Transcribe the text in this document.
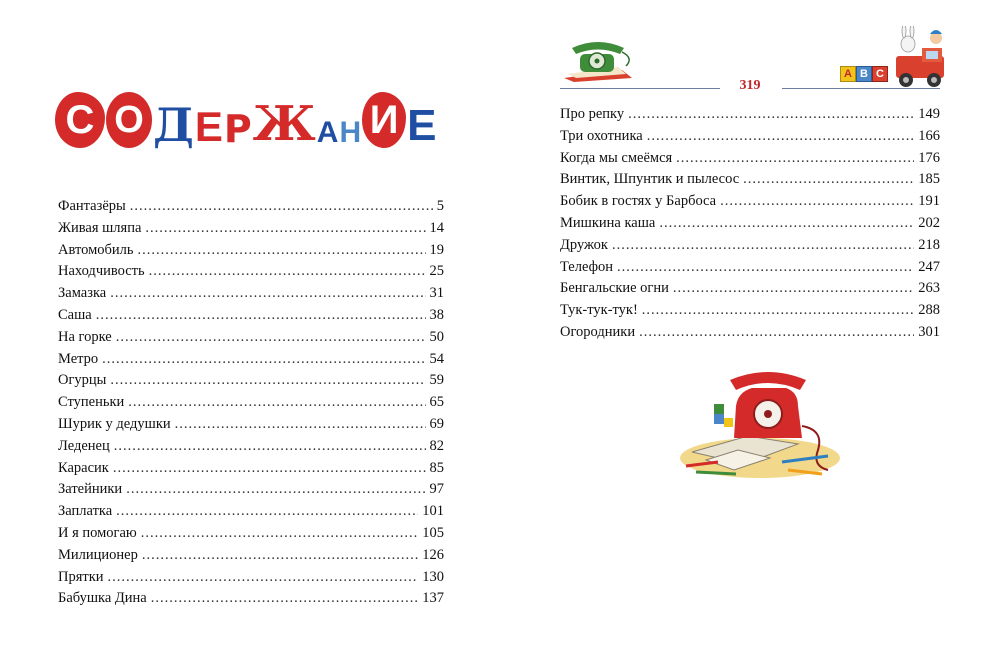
С О Д Е Р Ж А Н И Е
Фантазёры .....	5
Живая шляпа .....	14
Автомобиль .....	19
Находчивость .....	25
Замазка .....	31
Саша .....	38
На горке .....	50
Метро .....	54
Огурцы .....	59
Ступеньки .....	65
Шурик у дедушки .....	69
Леденец .....	82
Карасик .....	85
Затейники .....	97
Заплатка .....	101
И я помогаю .....	105
Милиционер .....	126
Прятки .....	130
Бабушка Дина .....	137
319
A B C
Про репку .....	149
Три охотника .....	166
Когда мы смеёмся .....	176
Винтик, Шпунтик и пылесос .....	185
Бобик в гостях у Барбоса .....	191
Мишкина каша .....	202
Дружок .....	218
Телефон .....	247
Бенгальские огни .....	263
Тук-тук-тук! .....	288
Огородники .....	301
